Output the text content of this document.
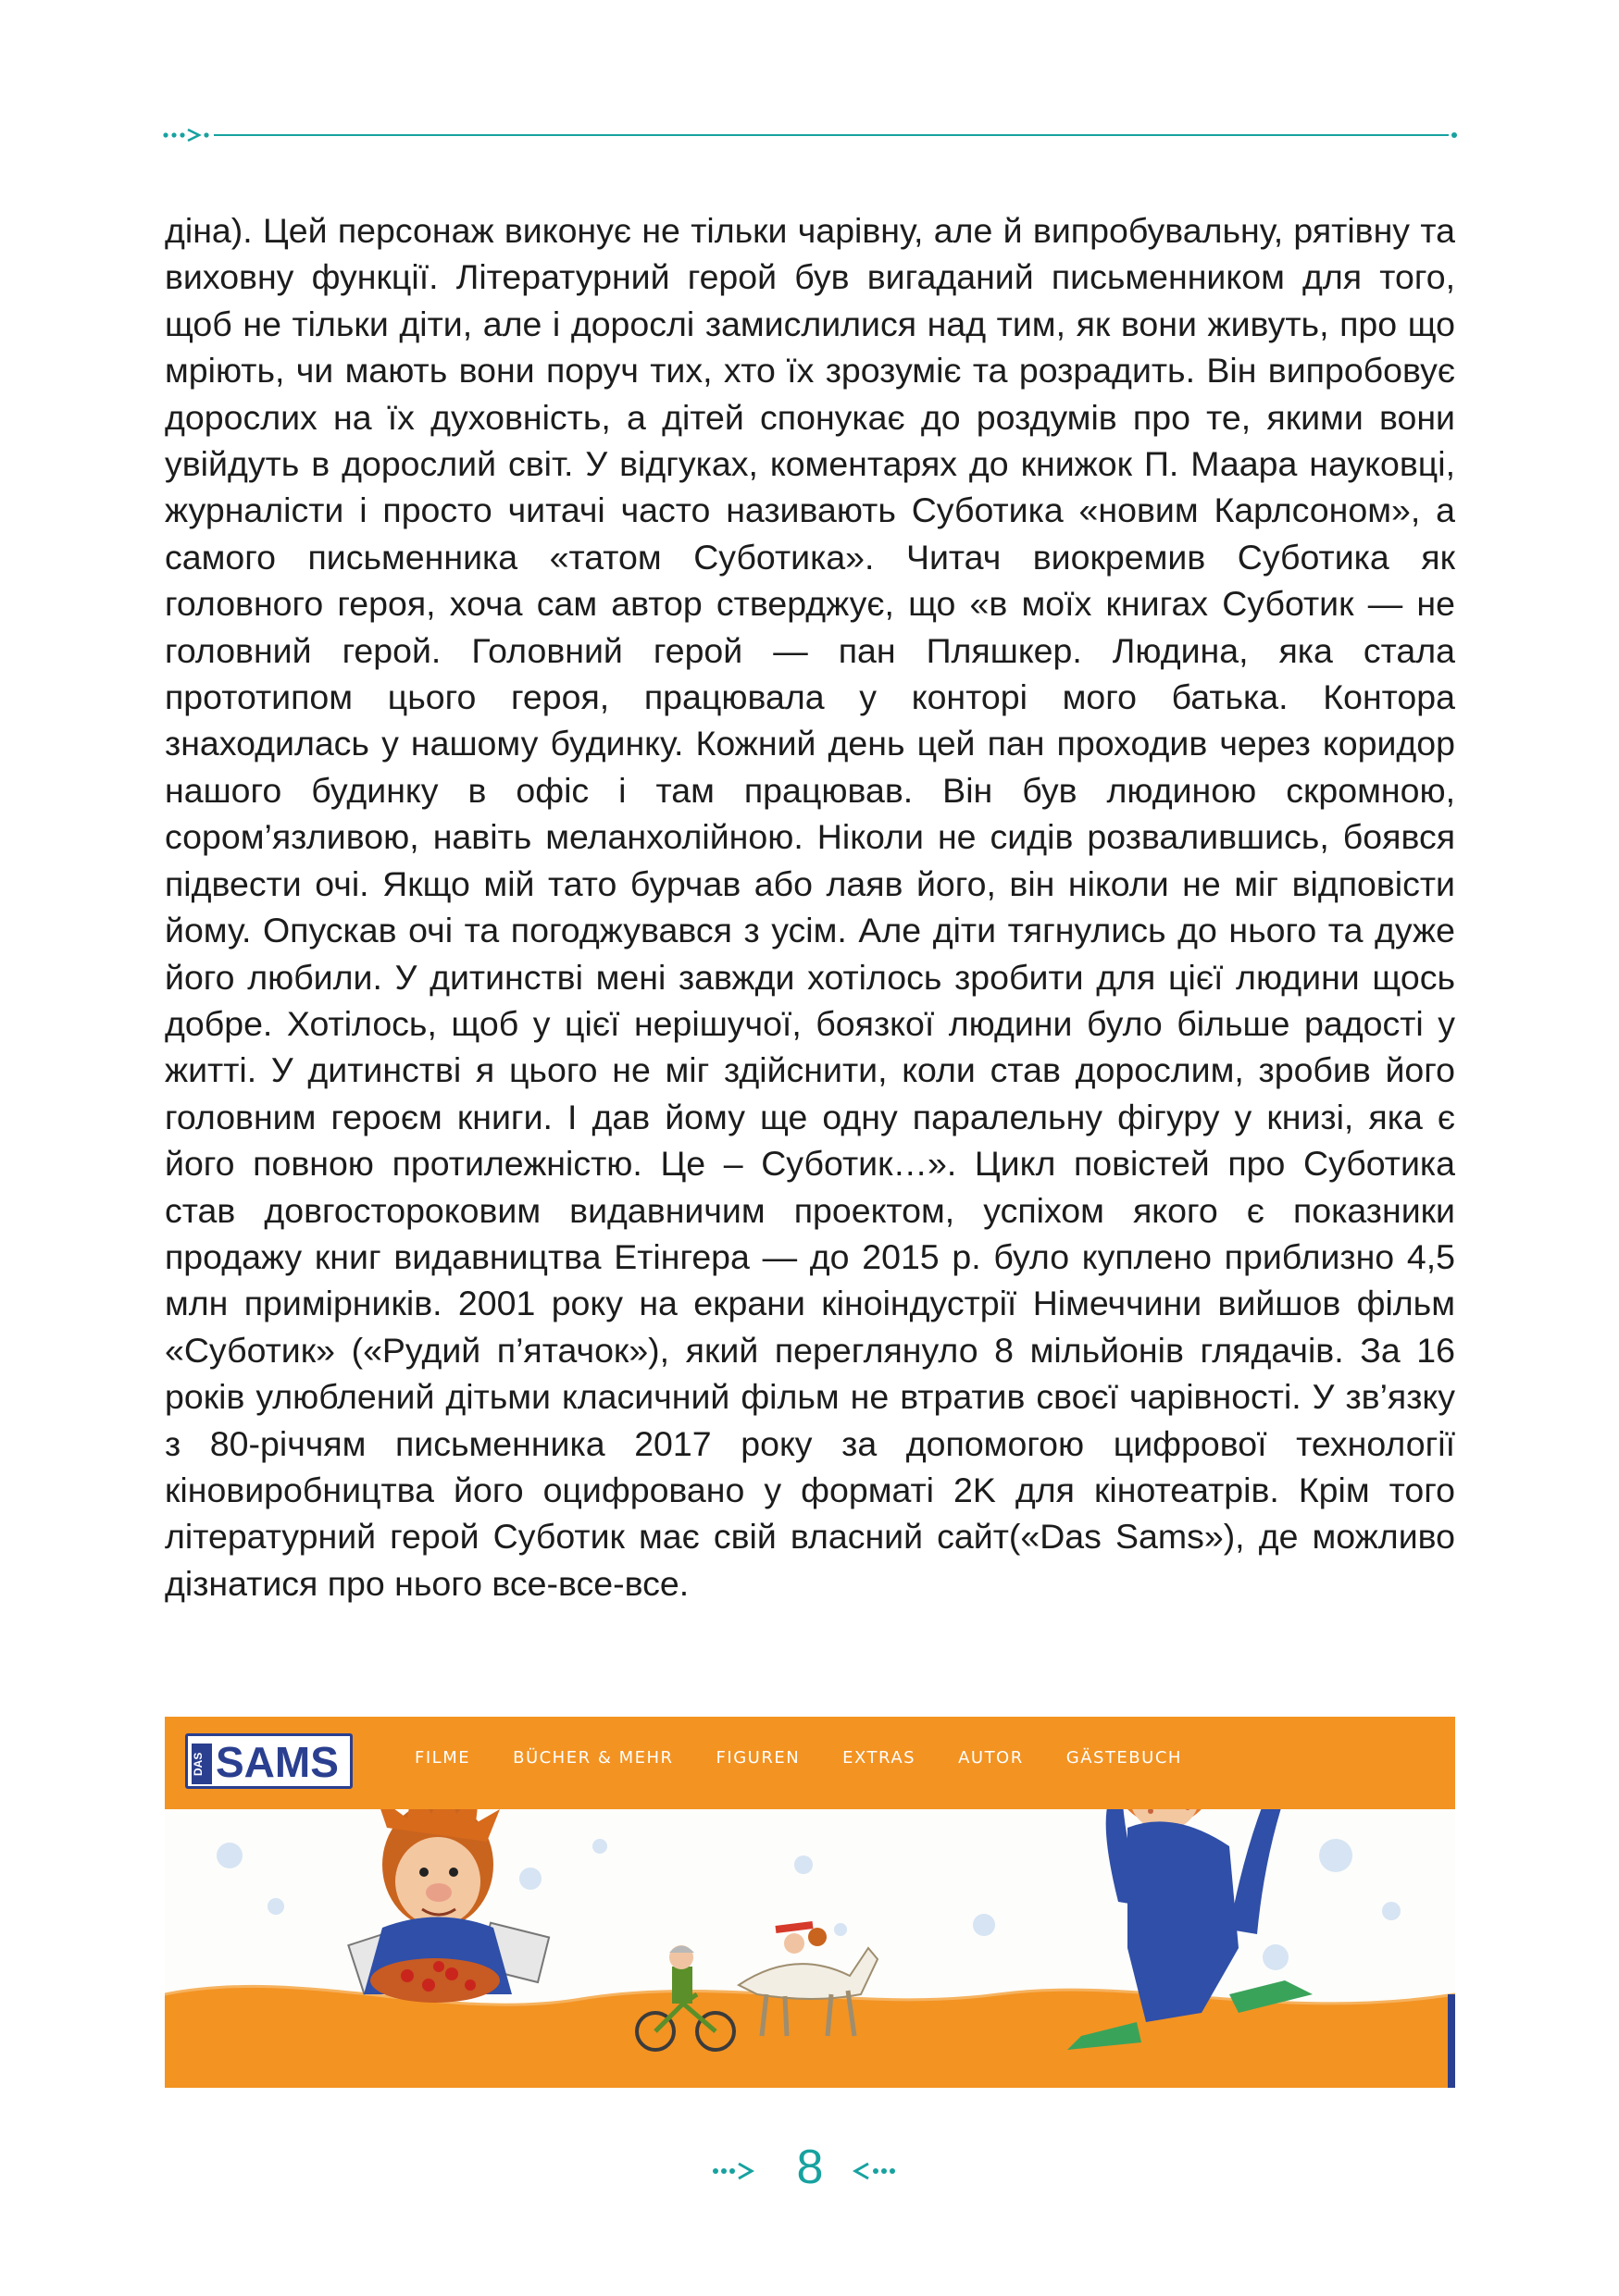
діна). Цей персонаж виконує не тільки чарівну, але й випробувальну, рятівну та виховну функції. Літературний герой був вигаданий письменником для того, щоб не тільки діти, але і дорослі замислилися над тим, як вони живуть, про що мріють, чи мають вони поруч тих, хто їх зрозуміє та розрадить. Він випробовує дорослих на їх духовність, а дітей спонукає до роздумів про те, якими вони увійдуть в дорослий світ. У відгуках, коментарях до книжок П. Маара науковці, журналісти і просто читачі часто називають Суботика «новим Карлсоном», а самого письменника «татом Суботика». Читач виокремив Суботика як головного героя, хоча сам автор стверджує, що «в моїх книгах Суботик — не головний герой. Головний герой — пан Пляшкер. Людина, яка стала прототипом цього героя, працювала у конторі мого батька. Контора знаходилась у нашому будинку. Кожний день цей пан проходив через коридор нашого будинку в офіс і там працював. Він був людиною скромною, сором’язливою, навіть меланхолійною. Ніколи не сидів розвалившись, боявся підвести очі. Якщо мій тато бурчав або лаяв його, він ніколи не міг відповісти йому. Опускав очі та погоджувався з усім. Але діти тягнулись до нього та дуже його любили. У дитинстві мені завжди хотілось зробити для цієї людини щось добре. Хотілось, щоб у цієї нерішучої, боязкої людини було більше радості у житті. У дитинстві я цього не міг здійснити, коли став дорослим, зробив його головним героєм книги. І дав йому ще одну паралельну фігуру у книзі, яка є його повною протилежністю. Це – Суботик…». Цикл повістей про Суботика став довгостороковим видавничим проектом, успіхом якого є показники продажу книг видавництва Етінгера — до 2015 р. було куплено приблизно 4,5 млн примірників. 2001 року на екрани кіноіндустрії Німеччини вийшов фільм «Суботик» («Рудий п’ятачок»), який переглянуло 8 мільйонів глядачів. За 16 років улюблений дітьми класичний фільм не втратив своєї чарівності. У зв’язку з 80-річчям письменника 2017 року за допомогою цифрової технології кіновиробництва його оцифровано у форматі 2K для кінотеатрів. Крім того літературний герой Суботик має свій власний сайт(«Das Sams»), де можливо дізнатися про нього все-все-все.

DAS SAMS	FILME	BÜCHER & MEHR	FIGUREN	EXTRAS	AUTOR	GÄSTEBUCH
8
